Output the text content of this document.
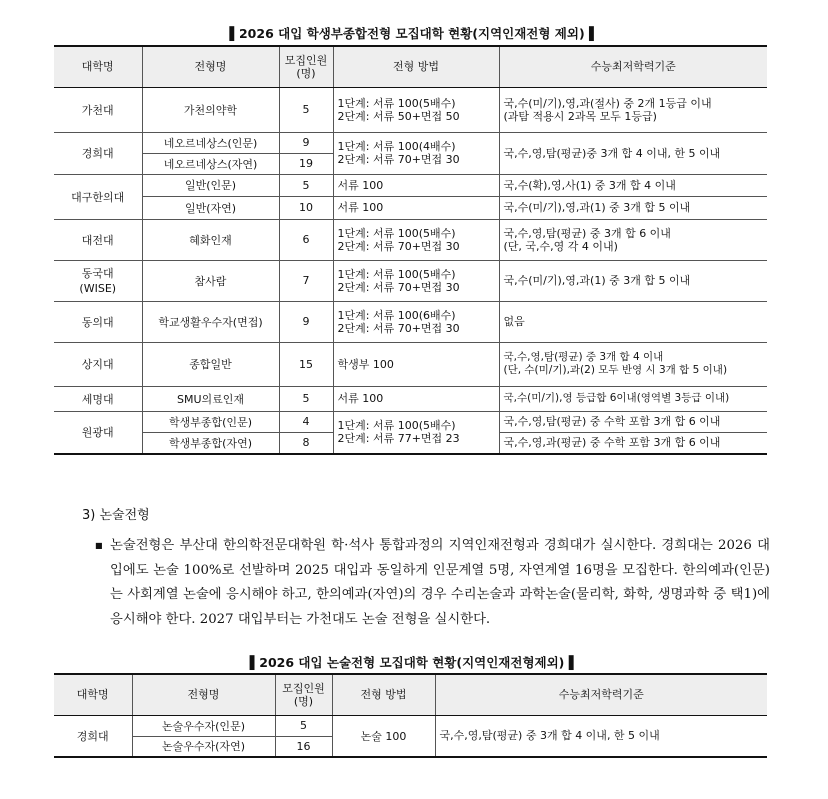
▌2026 대입 학생부종합전형 모집대학 현황(지역인재전형 제외) ▌
대학명	전형명	모집인원
(명)	전형 방법	수능최저학력기준
가천대	가천의약학	5	1단계: 서류 100(5배수)
2단계: 서류 50+면접 50	국,수(미/기),영,과(절사) 중 2개 1등급 이내
(과탐 적용시 2과목 모두 1등급)
경희대	네오르네상스(인문)	9	1단계: 서류 100(4배수)
2단계: 서류 70+면접 30	국,수,영,탐(평균)중 3개 합 4 이내, 한 5 이내
	네오르네상스(자연)	19		
대구한의대	일반(인문)	5	서류 100	국,수(확),영,사(1) 중 3개 합 4 이내
	일반(자연)	10	서류 100	국,수(미/기),영,과(1) 중 3개 합 5 이내
대전대	혜화인재	6	1단계: 서류 100(5배수)
2단계: 서류 70+면접 30	국,수,영,탐(평균) 중 3개 합 6 이내
(단, 국,수,영 각 4 이내)
동국대
(WISE)	참사람	7	1단계: 서류 100(5배수)
2단계: 서류 70+면접 30	국,수(미/기),영,과(1) 중 3개 합 5 이내
동의대	학교생활우수자(면접)	9	1단계: 서류 100(6배수)
2단계: 서류 70+면접 30	없음
상지대	종합일반	15	학생부 100	국,수,영,탐(평균) 중 3개 합 4 이내
(단, 수(미/기),과(2) 모두 반영 시 3개 합 5 이내)
세명대	SMU의료인재	5	서류 100	국,수(미/기),영 등급합 6이내(영역별 3등급 이내)
원광대	학생부종합(인문)	4	1단계: 서류 100(5배수)
2단계: 서류 77+면접 23	국,수,영,탐(평균) 중 수학 포함 3개 합 6 이내
	학생부종합(자연)	8		국,수,영,과(평균) 중 수학 포함 3개 합 6 이내
3) 논술전형
■ 논술전형은 부산대 한의학전문대학원 학·석사 통합과정의 지역인재전형과 경희대가 실시한다. 경희대는 2026 대입에도 논술 100%로 선발하며 2025 대입과 동일하게 인문계열 5명, 자연계열 16명을 모집한다. 한의예과(인문)는 사회계열 논술에 응시해야 하고, 한의예과(자연)의 경우 수리논술과 과학논술(물리학, 화학, 생명과학 중 택1)에 응시해야 한다. 2027 대입부터는 가천대도 논술 전형을 실시한다.
▌2026 대입 논술전형 모집대학 현황(지역인재전형제외) ▌
대학명	전형명	모집인원
(명)	전형 방법	수능최저학력기준
경희대	논술우수자(인문)	5	논술 100	국,수,영,탐(평균) 중 3개 합 4 이내, 한 5 이내
	논술우수자(자연)	16		
